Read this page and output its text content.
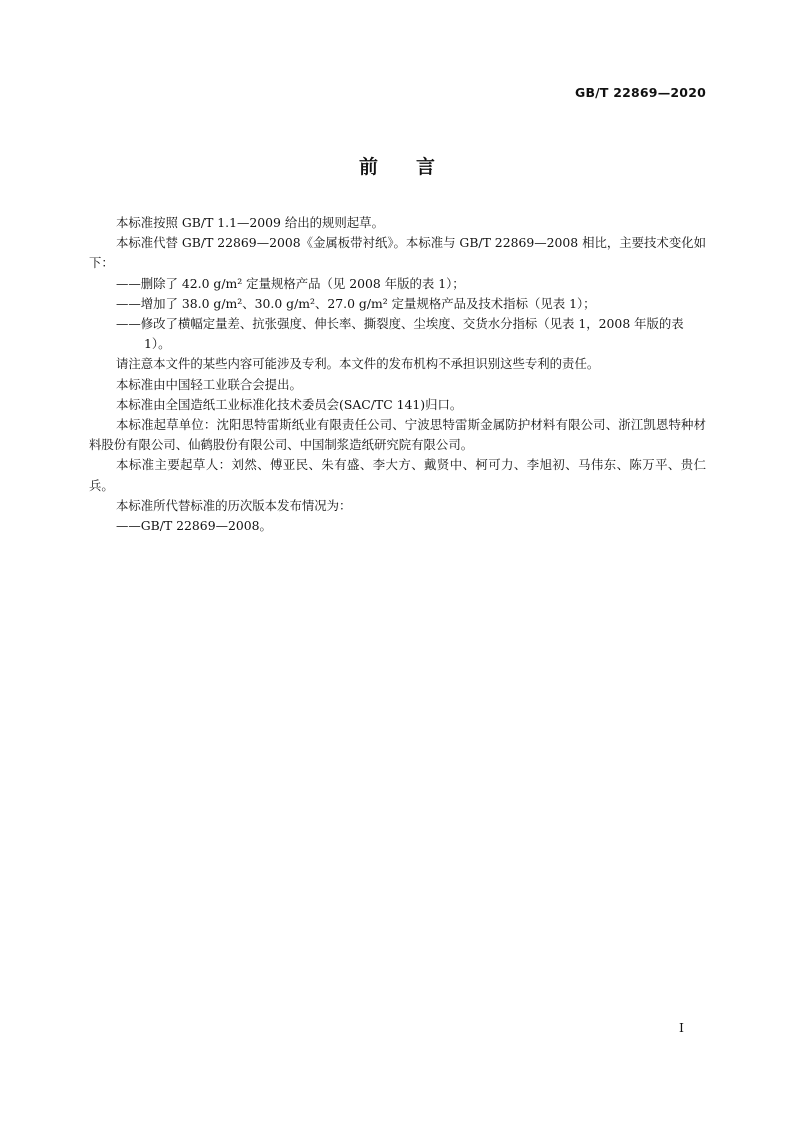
GB/T 22869—2020
前言

本标准按照 GB/T 1.1—2009 给出的规则起草。

本标准代替 GB/T 22869—2008《金属板带衬纸》。本标准与 GB/T 22869—2008 相比，主要技术变化如下：

——删除了 42.0 g/m² 定量规格产品（见 2008 年版的表 1）；

——增加了 38.0 g/m²、30.0 g/m²、27.0 g/m² 定量规格产品及技术指标（见表 1）；

——修改了横幅定量差、抗张强度、伸长率、撕裂度、尘埃度、交货水分指标（见表 1，2008 年版的表 1）。

请注意本文件的某些内容可能涉及专利。本文件的发布机构不承担识别这些专利的责任。

本标准由中国轻工业联合会提出。

本标准由全国造纸工业标准化技术委员会(SAC/TC 141)归口。

本标准起草单位：沈阳思特雷斯纸业有限责任公司、宁波思特雷斯金属防护材料有限公司、浙江凯恩特种材料股份有限公司、仙鹤股份有限公司、中国制浆造纸研究院有限公司。

本标准主要起草人：刘然、傅亚民、朱有盛、李大方、戴贤中、柯可力、李旭初、马伟东、陈万平、贵仁兵。

本标准所代替标准的历次版本发布情况为：

——GB/T 22869—2008。

I
